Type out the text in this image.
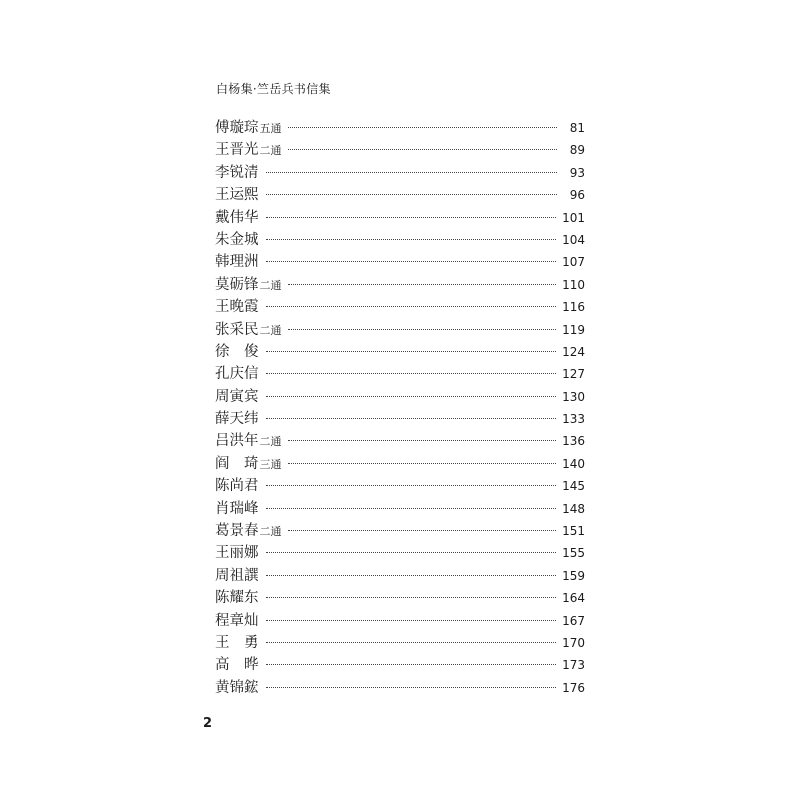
白杨集·竺岳兵书信集
傅璇琮 五通	81
王晋光 二通	89
李锐清	93
王运熙	96
戴伟华	101
朱金城	104
韩理洲	107
莫砺锋 二通	110
王晚霞	116
张采民 二通	119
徐　俊	124
孔庆信	127
周寅宾	130
薛天纬	133
吕洪年 二通	136
阎　琦 三通	140
陈尚君	145
肖瑞峰	148
葛景春 二通	151
王丽娜	155
周祖譔	159
陈耀东	164
程章灿	167
王　勇	170
高　晔	173
黄锦鋐	176
2
